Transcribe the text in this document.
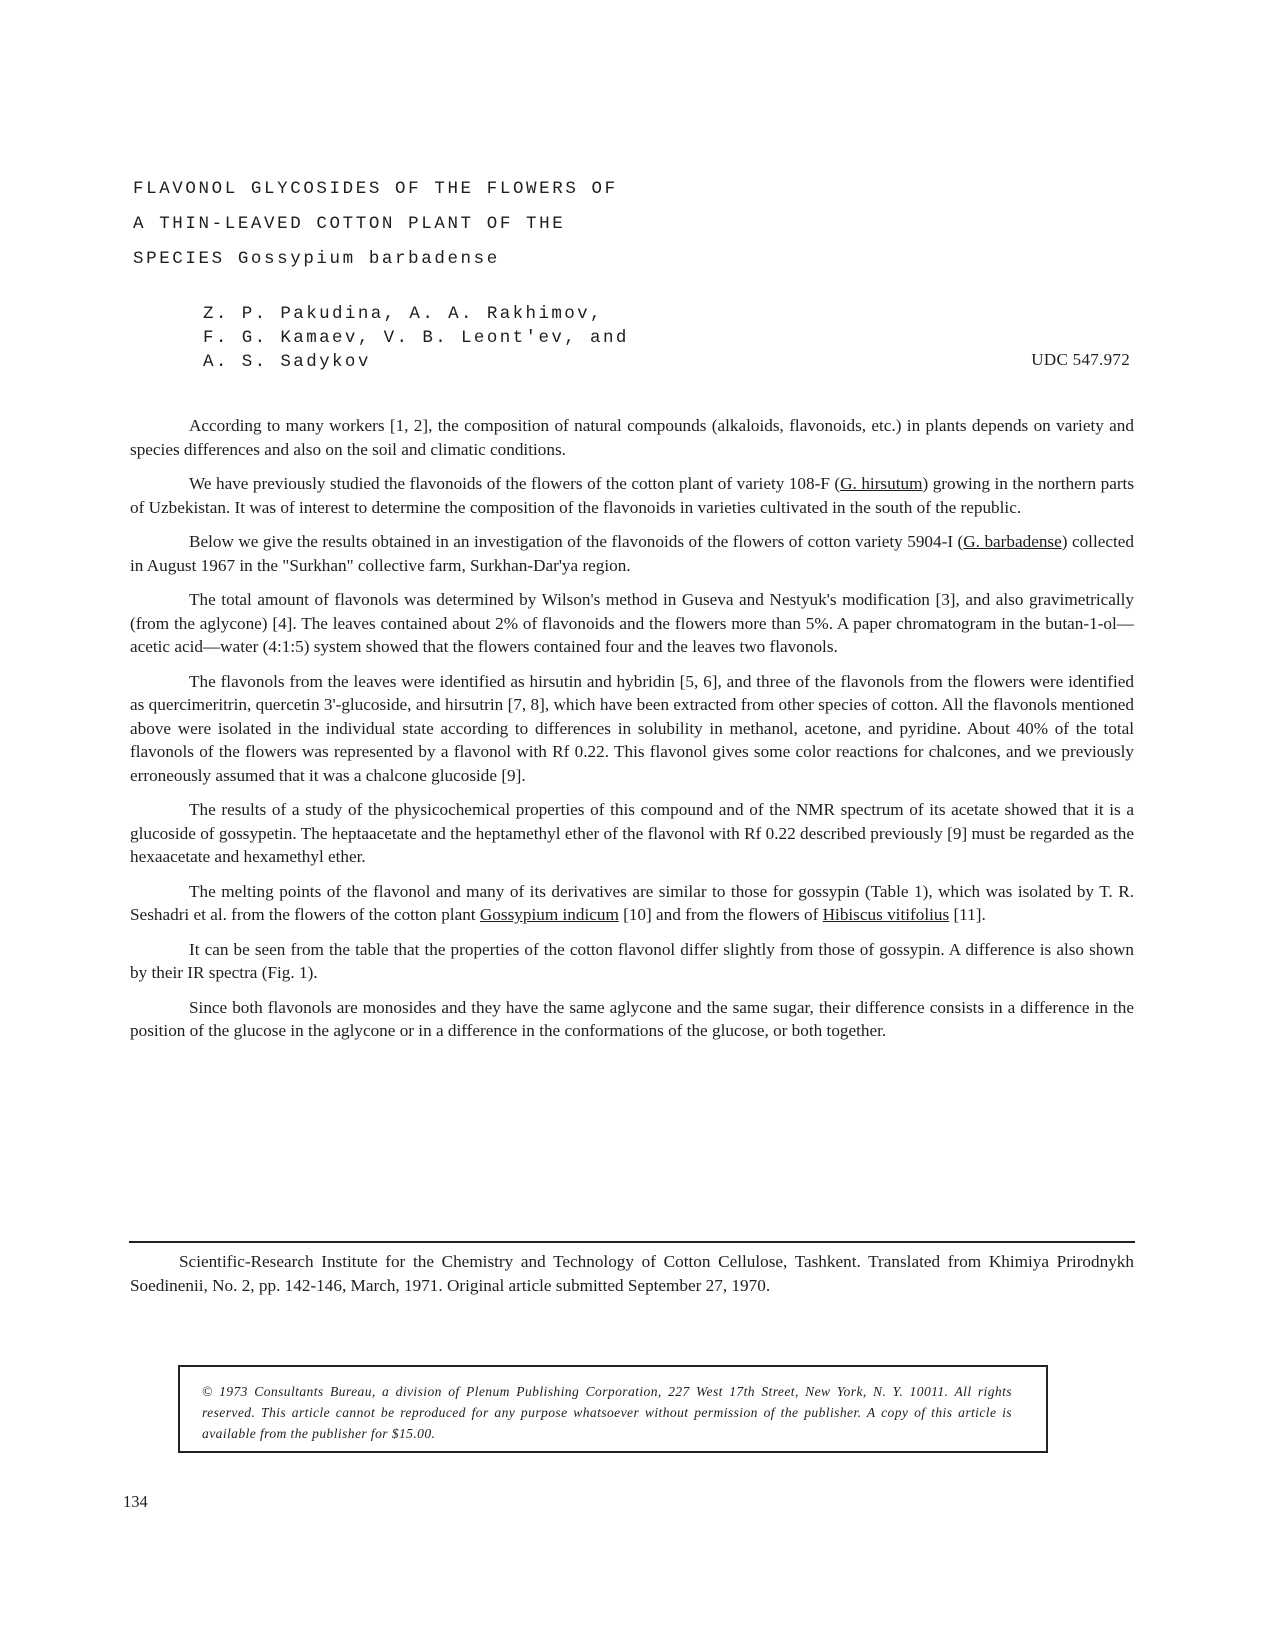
FLAVONOL GLYCOSIDES OF THE FLOWERS OF
A THIN-LEAVED COTTON PLANT OF THE
SPECIES Gossypium barbadense
Z. P. Pakudina, A. A. Rakhimov,
F. G. Kamaev, V. B. Leont'ev, and
A. S. Sadykov	UDC 547.972

According to many workers [1, 2], the composition of natural compounds (alkaloids, flavonoids, etc.) in plants depends on variety and species differences and also on the soil and climatic conditions.

We have previously studied the flavonoids of the flowers of the cotton plant of variety 108-F (G. hirsutum) growing in the northern parts of Uzbekistan. It was of interest to determine the composition of the flavonoids in varieties cultivated in the south of the republic.

Below we give the results obtained in an investigation of the flavonoids of the flowers of cotton variety 5904-I (G. barbadense) collected in August 1967 in the "Surkhan" collective farm, Surkhan-Dar'ya region.

The total amount of flavonols was determined by Wilson's method in Guseva and Nestyuk's modification [3], and also gravimetrically (from the aglycone) [4]. The leaves contained about 2% of flavonoids and the flowers more than 5%. A paper chromatogram in the butan-1-ol—acetic acid—water (4:1:5) system showed that the flowers contained four and the leaves two flavonols.

The flavonols from the leaves were identified as hirsutin and hybridin [5, 6], and three of the flavonols from the flowers were identified as quercimeritrin, quercetin 3'-glucoside, and hirsutrin [7, 8], which have been extracted from other species of cotton. All the flavonols mentioned above were isolated in the individual state according to differences in solubility in methanol, acetone, and pyridine. About 40% of the total flavonols of the flowers was represented by a flavonol with Rf 0.22. This flavonol gives some color reactions for chalcones, and we previously erroneously assumed that it was a chalcone glucoside [9].

The results of a study of the physicochemical properties of this compound and of the NMR spectrum of its acetate showed that it is a glucoside of gossypetin. The heptaacetate and the heptamethyl ether of the flavonol with Rf 0.22 described previously [9] must be regarded as the hexaacetate and hexamethyl ether.

The melting points of the flavonol and many of its derivatives are similar to those for gossypin (Table 1), which was isolated by T. R. Seshadri et al. from the flowers of the cotton plant Gossypium indicum [10] and from the flowers of Hibiscus vitifolius [11].

It can be seen from the table that the properties of the cotton flavonol differ slightly from those of gossypin. A difference is also shown by their IR spectra (Fig. 1).

Since both flavonols are monosides and they have the same aglycone and the same sugar, their difference consists in a difference in the position of the glucose in the aglycone or in a difference in the conformations of the glucose, or both together.

Scientific-Research Institute for the Chemistry and Technology of Cotton Cellulose, Tashkent. Translated from Khimiya Prirodnykh Soedinenii, No. 2, pp. 142-146, March, 1971. Original article submitted September 27, 1970.

© 1973 Consultants Bureau, a division of Plenum Publishing Corporation, 227 West 17th Street, New York, N. Y. 10011. All rights reserved. This article cannot be reproduced for any purpose whatsoever without permission of the publisher. A copy of this article is available from the publisher for $15.00.
134
